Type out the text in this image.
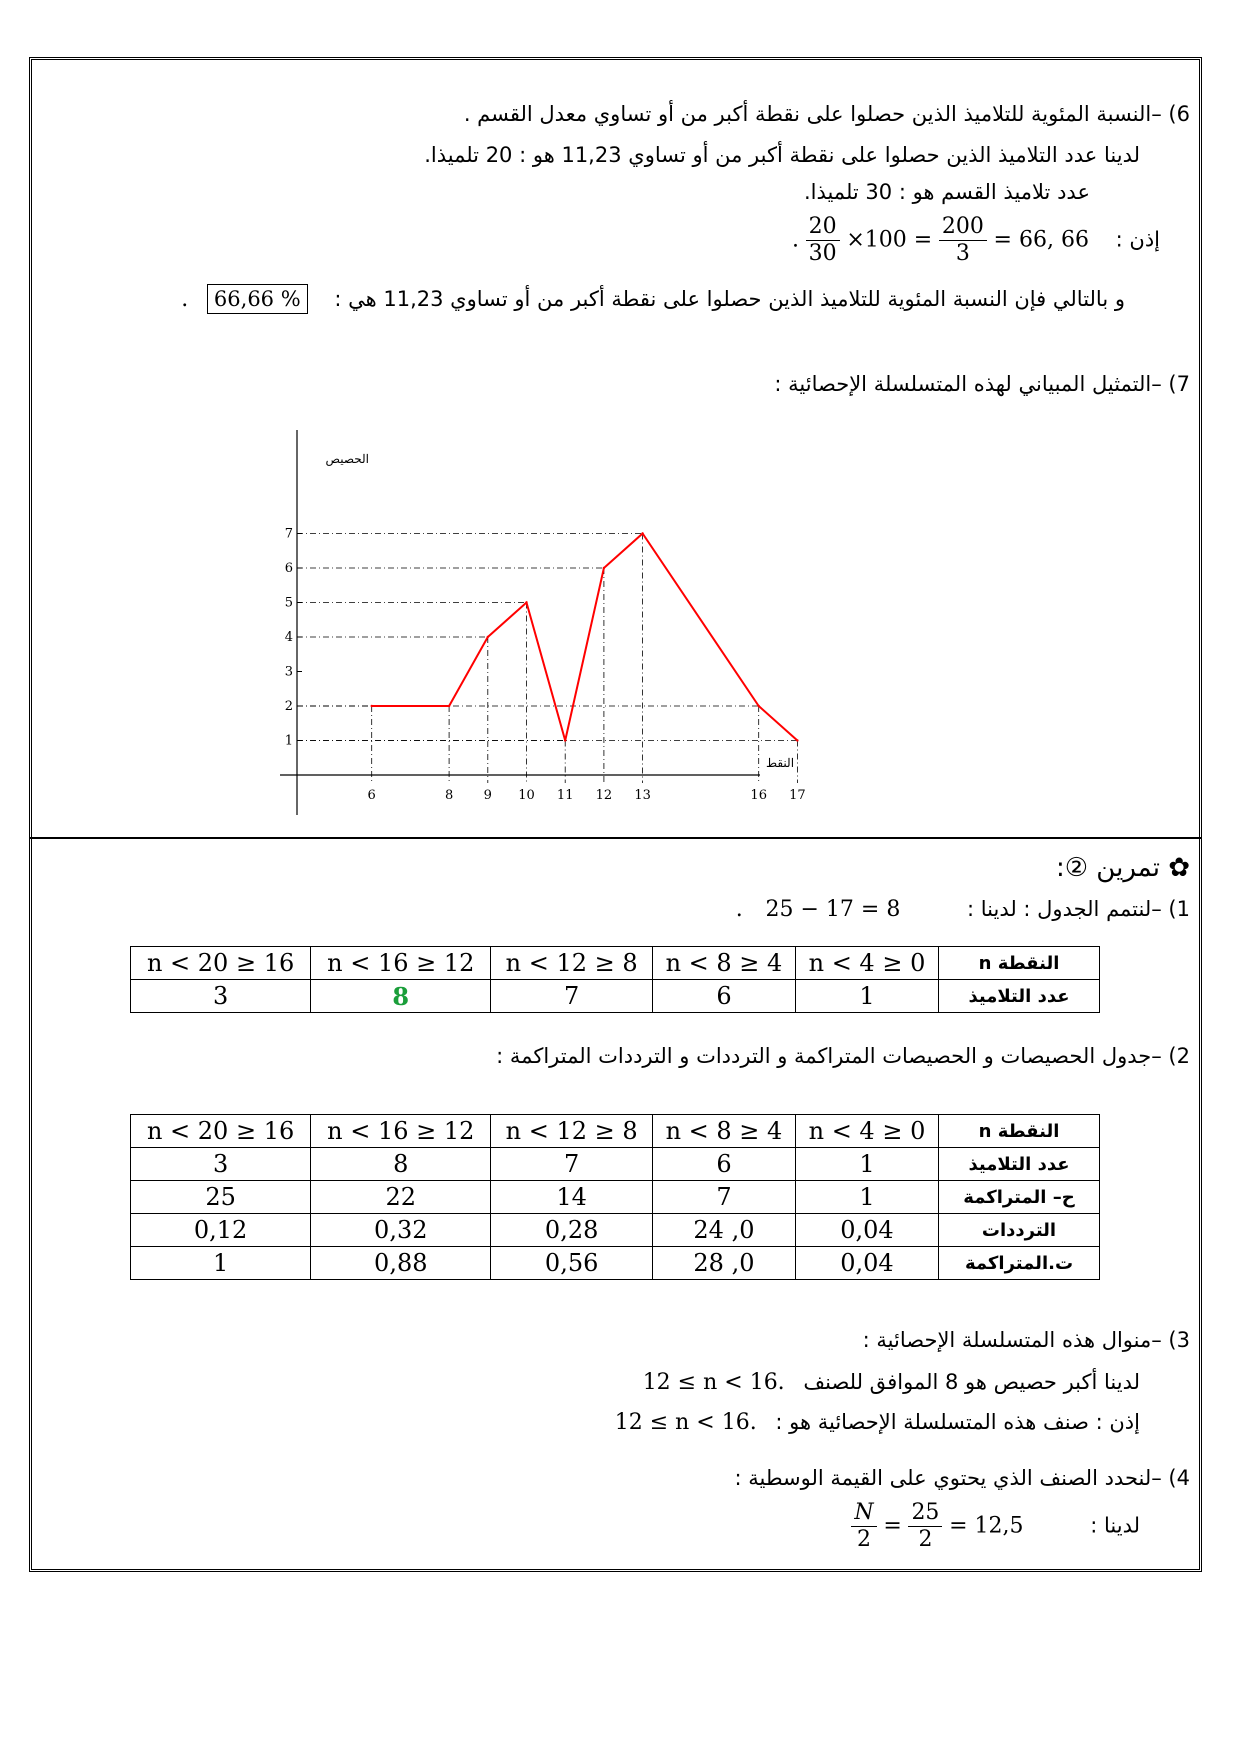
6) –النسبة المئوية للتلاميذ الذين حصلوا على نقطة أكبر من أو تساوي معدل القسم .
لدينا عدد التلاميذ الذين حصلوا على نقطة أكبر من أو تساوي 11,23 هو : 20 تلميذا.
عدد تلاميذ القسم هو : 30 تلميذا.
إذن : . $\frac{20}{30} \times 100 = \frac{200}{3} = 66$, 66
و بالتالي فإن النسبة المئوية للتلاميذ الذين حصلوا على نقطة أكبر من أو تساوي 11,23 هي : 66,66 % .
7) –التمثيل المبياني لهذه المتسلسلة الإحصائية :
1
2
3
4
5
6
7
6	8 9 10 11 12 13	16 17
الحصيص
النقط
✿ تمرين ②:
1) –لنتمم الجدول : لدينا : 25 − 17 = 8 .
النقطة n	0 ≤ n < 4	4 ≤ n < 8	8 ≤ n < 12	12 ≤ n < 16	16 ≤ n < 20
عدد التلاميذ	1	6	7	8	3
2) –جدول الحصيصات و الحصيصات المتراكمة و الترددات و الترددات المتراكمة :
النقطة n	0 ≤ n < 4	4 ≤ n < 8	8 ≤ n < 12	12 ≤ n < 16	16 ≤ n < 20
عدد التلاميذ	1	6	7	8	3
ح– المتراكمة	1	7	14	22	25
الترددات	0,04	0, 24	0,28	0,32	0,12
ت.المتراكمة	0,04	0, 28	0,56	0,88	1
3) –منوال هذه المتسلسلة الإحصائية :
لدينا أكبر حصيص هو 8 الموافق للصنف 12 ≤ n < 16.
إذن : صنف هذه المتسلسلة الإحصائية هو : 12 ≤ n < 16.
4) –لنحدد الصنف الذي يحتوي على القيمة الوسطية :
لدينا :
$\frac{N}{2} = \frac{25}{2} = 12,5$
